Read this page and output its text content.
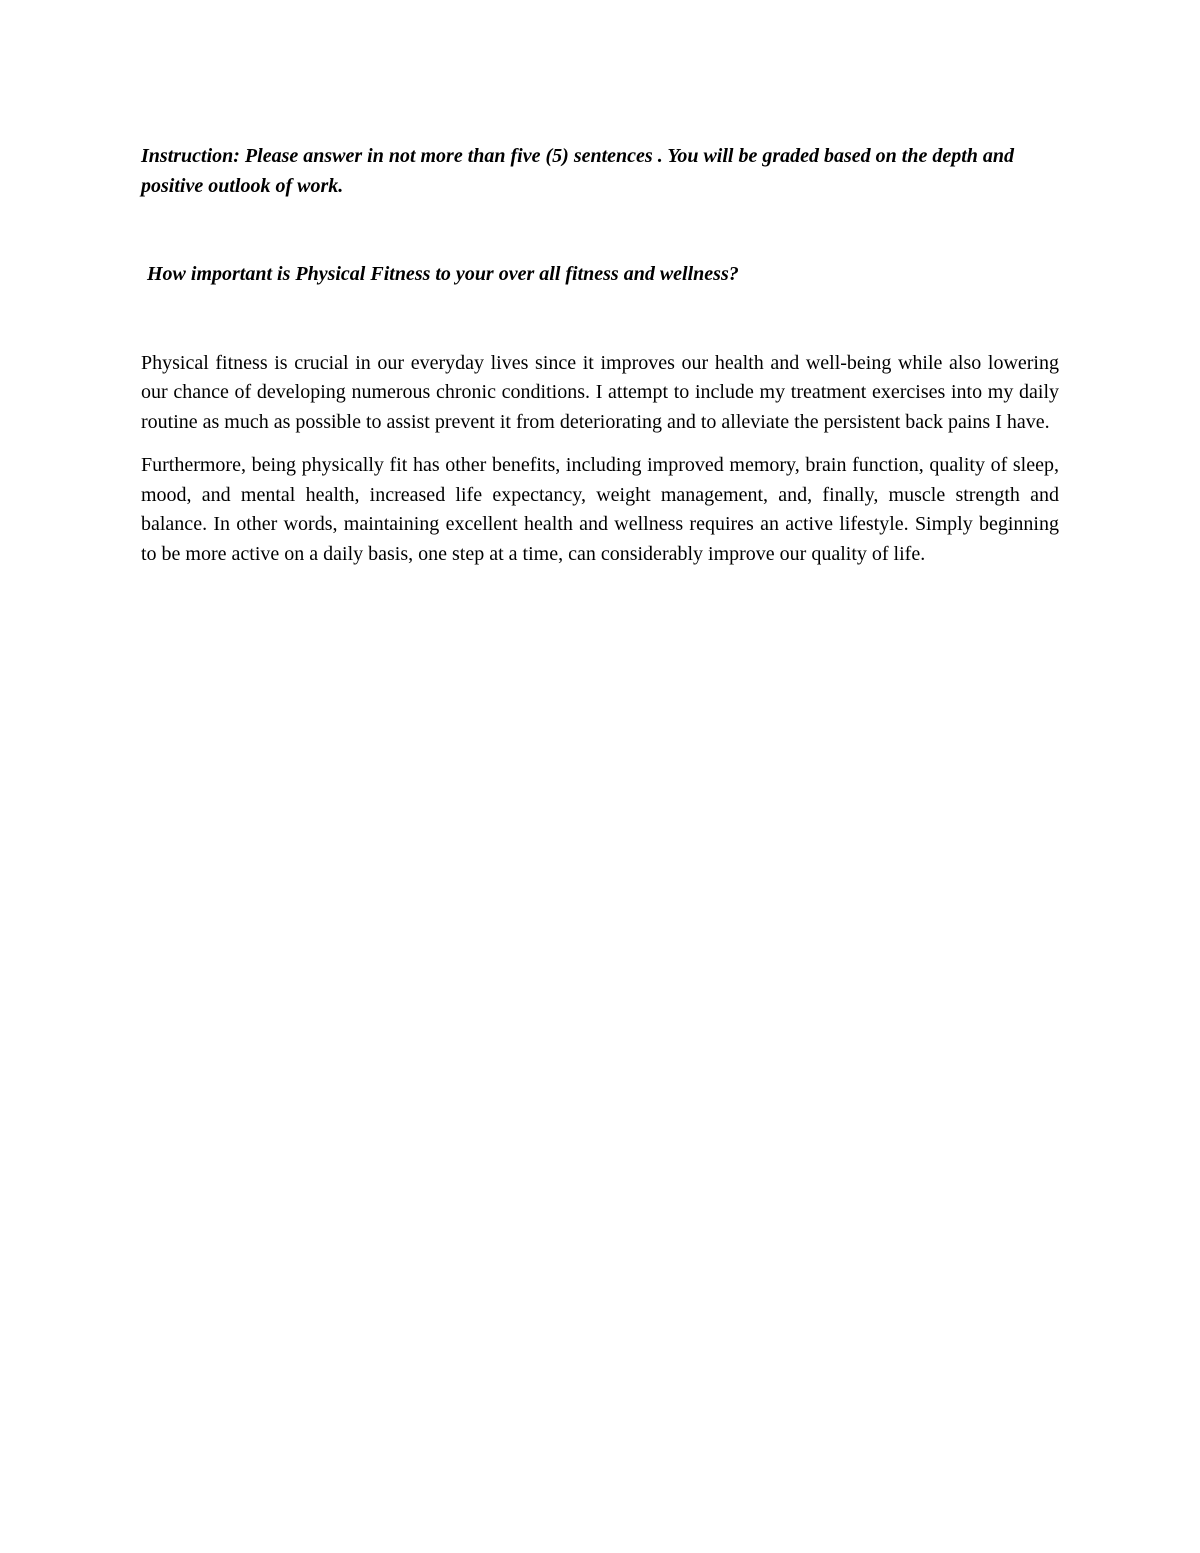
Instruction: Please answer in not more than five (5) sentences . You will be graded based on the depth and positive outlook of work.

How important is Physical Fitness to your over all fitness and wellness?

Physical fitness is crucial in our everyday lives since it improves our health and well-being while also lowering our chance of developing numerous chronic conditions. I attempt to include my treatment exercises into my daily routine as much as possible to assist prevent it from deteriorating and to alleviate the persistent back pains I have.

Furthermore, being physically fit has other benefits, including improved memory, brain function, quality of sleep, mood, and mental health, increased life expectancy, weight management, and, finally, muscle strength and balance. In other words, maintaining excellent health and wellness requires an active lifestyle. Simply beginning to be more active on a daily basis, one step at a time, can considerably improve our quality of life.
